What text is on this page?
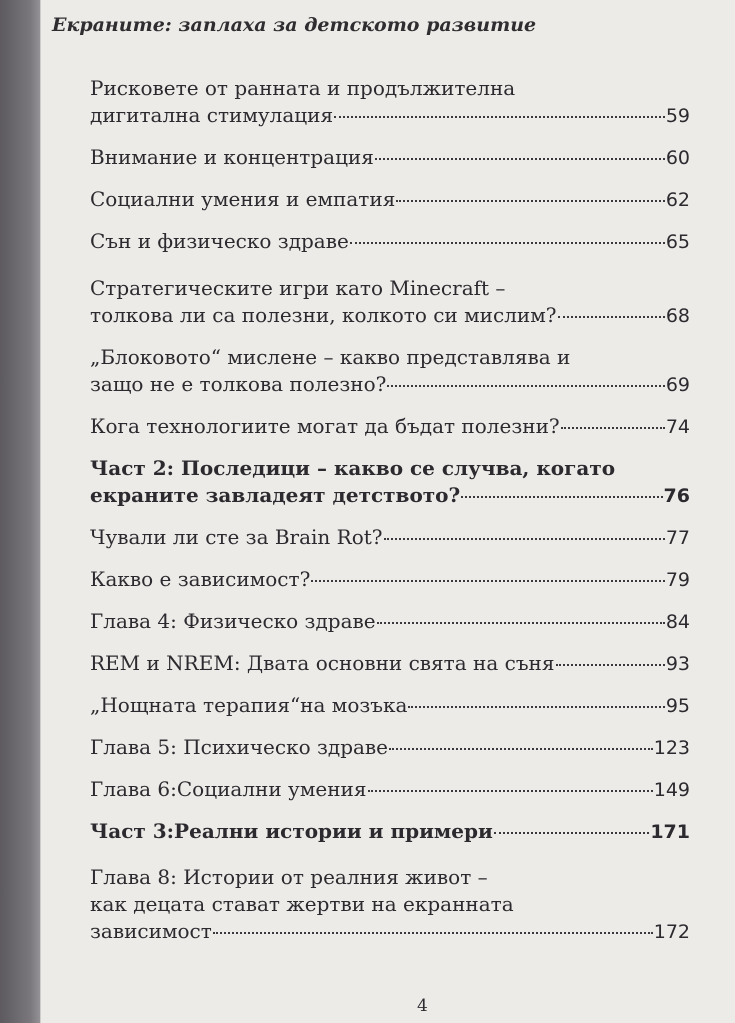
Екраните: заплаха за детското развитие
Рисковете от ранната и продължителна
дигитална стимулация	59
Внимание и концентрация	60
Социални умения и емпатия	62
Сън и физическо здраве	65
Стратегическите игри като Minecraft –
толкова ли са полезни, колкото си мислим?	68
„Блоковото“ мислене – какво представлява и
защо не е толкова полезно?	69
Кога технологиите могат да бъдат полезни?	74
Част 2: Последици – какво се случва, когато
екраните завладеят детството?	76
Чували ли сте за Brain Rot?	77
Какво е зависимост?	79
Глава 4: Физическо здраве	84
REM и NREM: Двата основни свята на съня	93
„Нощната терапия“на мозъка	95
Глава 5: Психическо здраве	123
Глава 6:Социални умения	149
Част 3:Реални истории и примери	171
Глава 8: Истории от реалния живот –
как децата стават жертви на екранната
зависимост	172
4
